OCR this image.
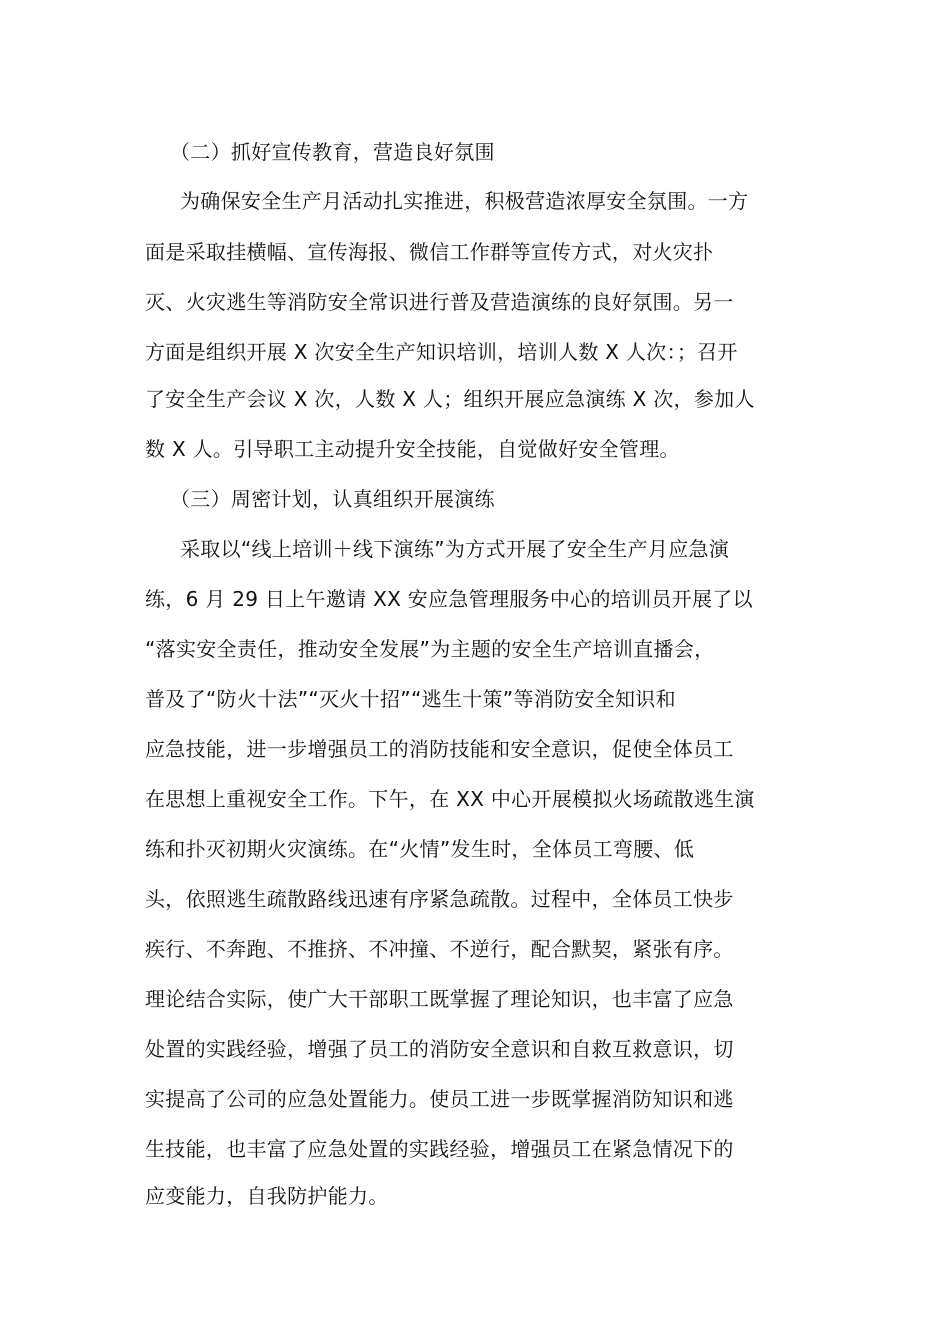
（二）抓好宣传教育，营造良好氛围
为确保安全生产月活动扎实推进，积极营造浓厚安全氛围。一方
面是采取挂横幅、宣传海报、微信工作群等宣传方式，对火灾扑
灭、火灾逃生等消防安全常识进行普及营造演练的良好氛围。另一
方面是组织开展 X 次安全生产知识培训，培训人数 X 人次：；召开
了安全生产会议 X 次，人数 X 人；组织开展应急演练 X 次，参加人
数 X 人。引导职工主动提升安全技能，自觉做好安全管理。
（三）周密计划，认真组织开展演练
采取以“线上培训＋线下演练”为方式开展了安全生产月应急演
练，6 月 29 日上午邀请 XX 安应急管理服务中心的培训员开展了以
“落实安全责任，推动安全发展”为主题的安全生产培训直播会，
普及了“防火十法”“灭火十招”“逃生十策”等消防安全知识和
应急技能，进一步增强员工的消防技能和安全意识，促使全体员工
在思想上重视安全工作。下午，在 XX 中心开展模拟火场疏散逃生演
练和扑灭初期火灾演练。在“火情”发生时，全体员工弯腰、低
头，依照逃生疏散路线迅速有序紧急疏散。过程中，全体员工快步
疾行、不奔跑、不推挤、不冲撞、不逆行，配合默契，紧张有序。
理论结合实际，使广大干部职工既掌握了理论知识，也丰富了应急
处置的实践经验，增强了员工的消防安全意识和自救互救意识，切
实提高了公司的应急处置能力。使员工进一步既掌握消防知识和逃
生技能，也丰富了应急处置的实践经验，增强员工在紧急情况下的
应变能力，自我防护能力。
